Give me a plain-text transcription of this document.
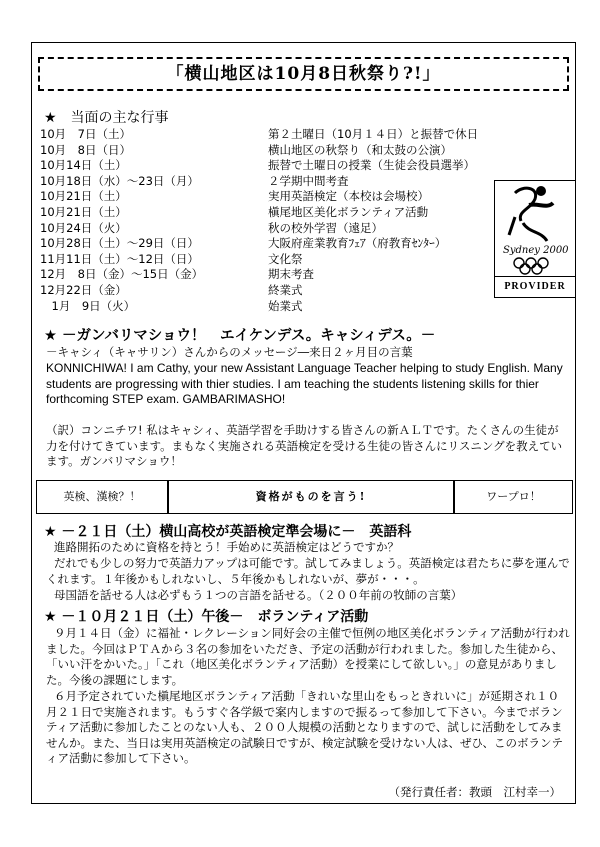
「横山地区は10月8日秋祭り?!」
★　当面の主な行事
10月　7日（土）	第２土曜日（10月１４日）と振替で休日
10月　8日（日）	横山地区の秋祭り（和太鼓の公演）
10月14日（土）	振替で土曜日の授業（生徒会役員選挙）
10月18日（水）～23日（月）	２学期中間考査
10月21日（土）	実用英語検定（本校は会場校）
10月21日（土）	槇尾地区美化ボランティア活動
10月24日（火）	秋の校外学習（遠足）
10月28日（土）～29日（日）	大阪府産業教育ﾌｪｱ（府教育ｾﾝﾀｰ）
11月11日（土）～12日（日）	文化祭
12月　8日（金）～15日（金）	期末考査
12月22日（金）	終業式
　1月　9日（火）	始業式
Sydney 2000
PROVIDER
★ －ガンバリマショウ！　エイケンデス。キャシィデス。－
－キャシィ（キャサリン）さんからのメッセージ―来日２ヶ月目の言葉
KONNICHIWA! I am Cathy, your new Assistant Language Teacher helping to study English. Many students are progressing with thier studies. I am teaching the students listening skills for thier forthcoming STEP exam. GAMBARIMASHO!
（訳）コンニチワ! 私はキャシィ、英語学習を手助けする皆さんの新ＡＬＴです。たくさんの生徒が力を付けてきています。まもなく実施される英語検定を受ける生徒の皆さんにリスニングを教えています。ガンバリマショウ！
英検、漢検？！	資格がものを言う!	ワープロ！
★ －２１日（土）横山高校が英語検定準会場に－　英語科
進路開拓のために資格を持とう！手始めに英語検定はどうですか？
だれでも少しの努力で英語力アップは可能です。試してみましょう。英語検定は君たちに夢を運んでくれます。１年後かもしれないし、５年後かもしれないが、夢が・・・。
母国語を話せる人は必ずもう１つの言語を話せる。（２００年前の牧師の言葉）
★ －１０月２１日（土）午後－　ボランティア活動
９月１４日（金）に福祉・レクレーション同好会の主催で恒例の地区美化ボランティア活動が行われました。今回はＰＴＡから３名の参加をいただき、予定の活動が行われました。参加した生徒から、「いい汗をかいた。」「これ（地区美化ボランティア活動）を授業にして欲しい。」の意見がありました。今後の課題にします。
６月予定されていた槇尾地区ボランティア活動「きれいな里山をもっときれいに」が延期され１０月２１日で実施されます。もうすぐ各学級で案内しますので振るって参加して下さい。今までボランティア活動に参加したことのない人も、２００人規模の活動となりますので、試しに活動をしてみませんか。また、当日は実用英語検定の試験日ですが、検定試験を受けない人は、ぜひ、このボランティア活動に参加して下さい。
（発行責任者：教頭　江村幸一）
